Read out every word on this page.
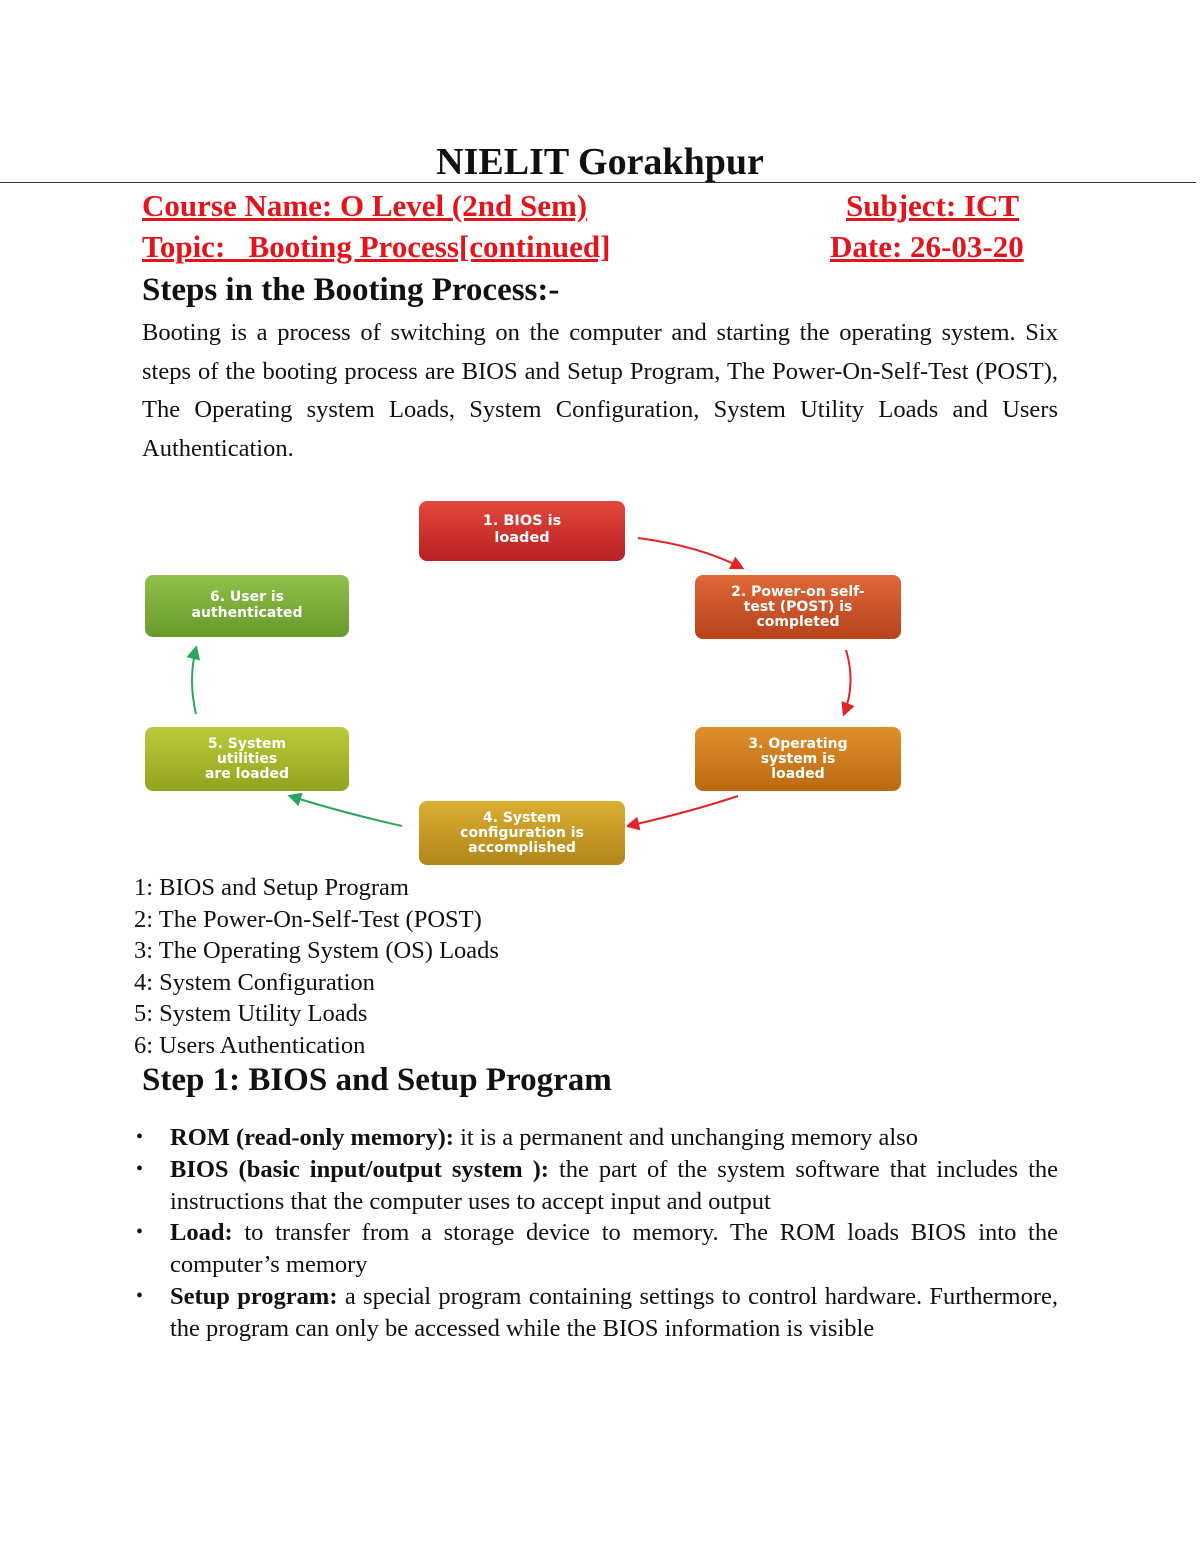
NIELIT Gorakhpur
Course Name: O Level (2nd Sem)	Subject: ICT
Topic:   Booting Process[continued]	Date: 26-03-20
Steps in the Booting Process:-

Booting is a process of switching on the computer and starting the operating system. Six steps of the booting process are BIOS and Setup Program, The Power-On-Self-Test (POST), The Operating system Loads, System Configuration, System Utility Loads and Users Authentication.

1. BIOS is
loaded
2. Power-on self-
test (POST) is
completed
3. Operating
system is
loaded
4. System
configuration is
accomplished
5. System
utilities
are loaded
6. User is
authenticated
1: BIOS and Setup Program
2: The Power-On-Self-Test (POST)
3: The Operating System (OS) Loads
4: System Configuration
5: System Utility Loads
6: Users Authentication
Step 1: BIOS and Setup Program
• ROM (read-only memory): it is a permanent and unchanging memory also
• BIOS (basic input/output system ): the part of the system software that includes the instructions that the computer uses to accept input and output
• Load: to transfer from a storage device to memory. The ROM loads BIOS into the computer’s memory
• Setup program: a special program containing settings to control hardware. Furthermore, the program can only be accessed while the BIOS information is visible
